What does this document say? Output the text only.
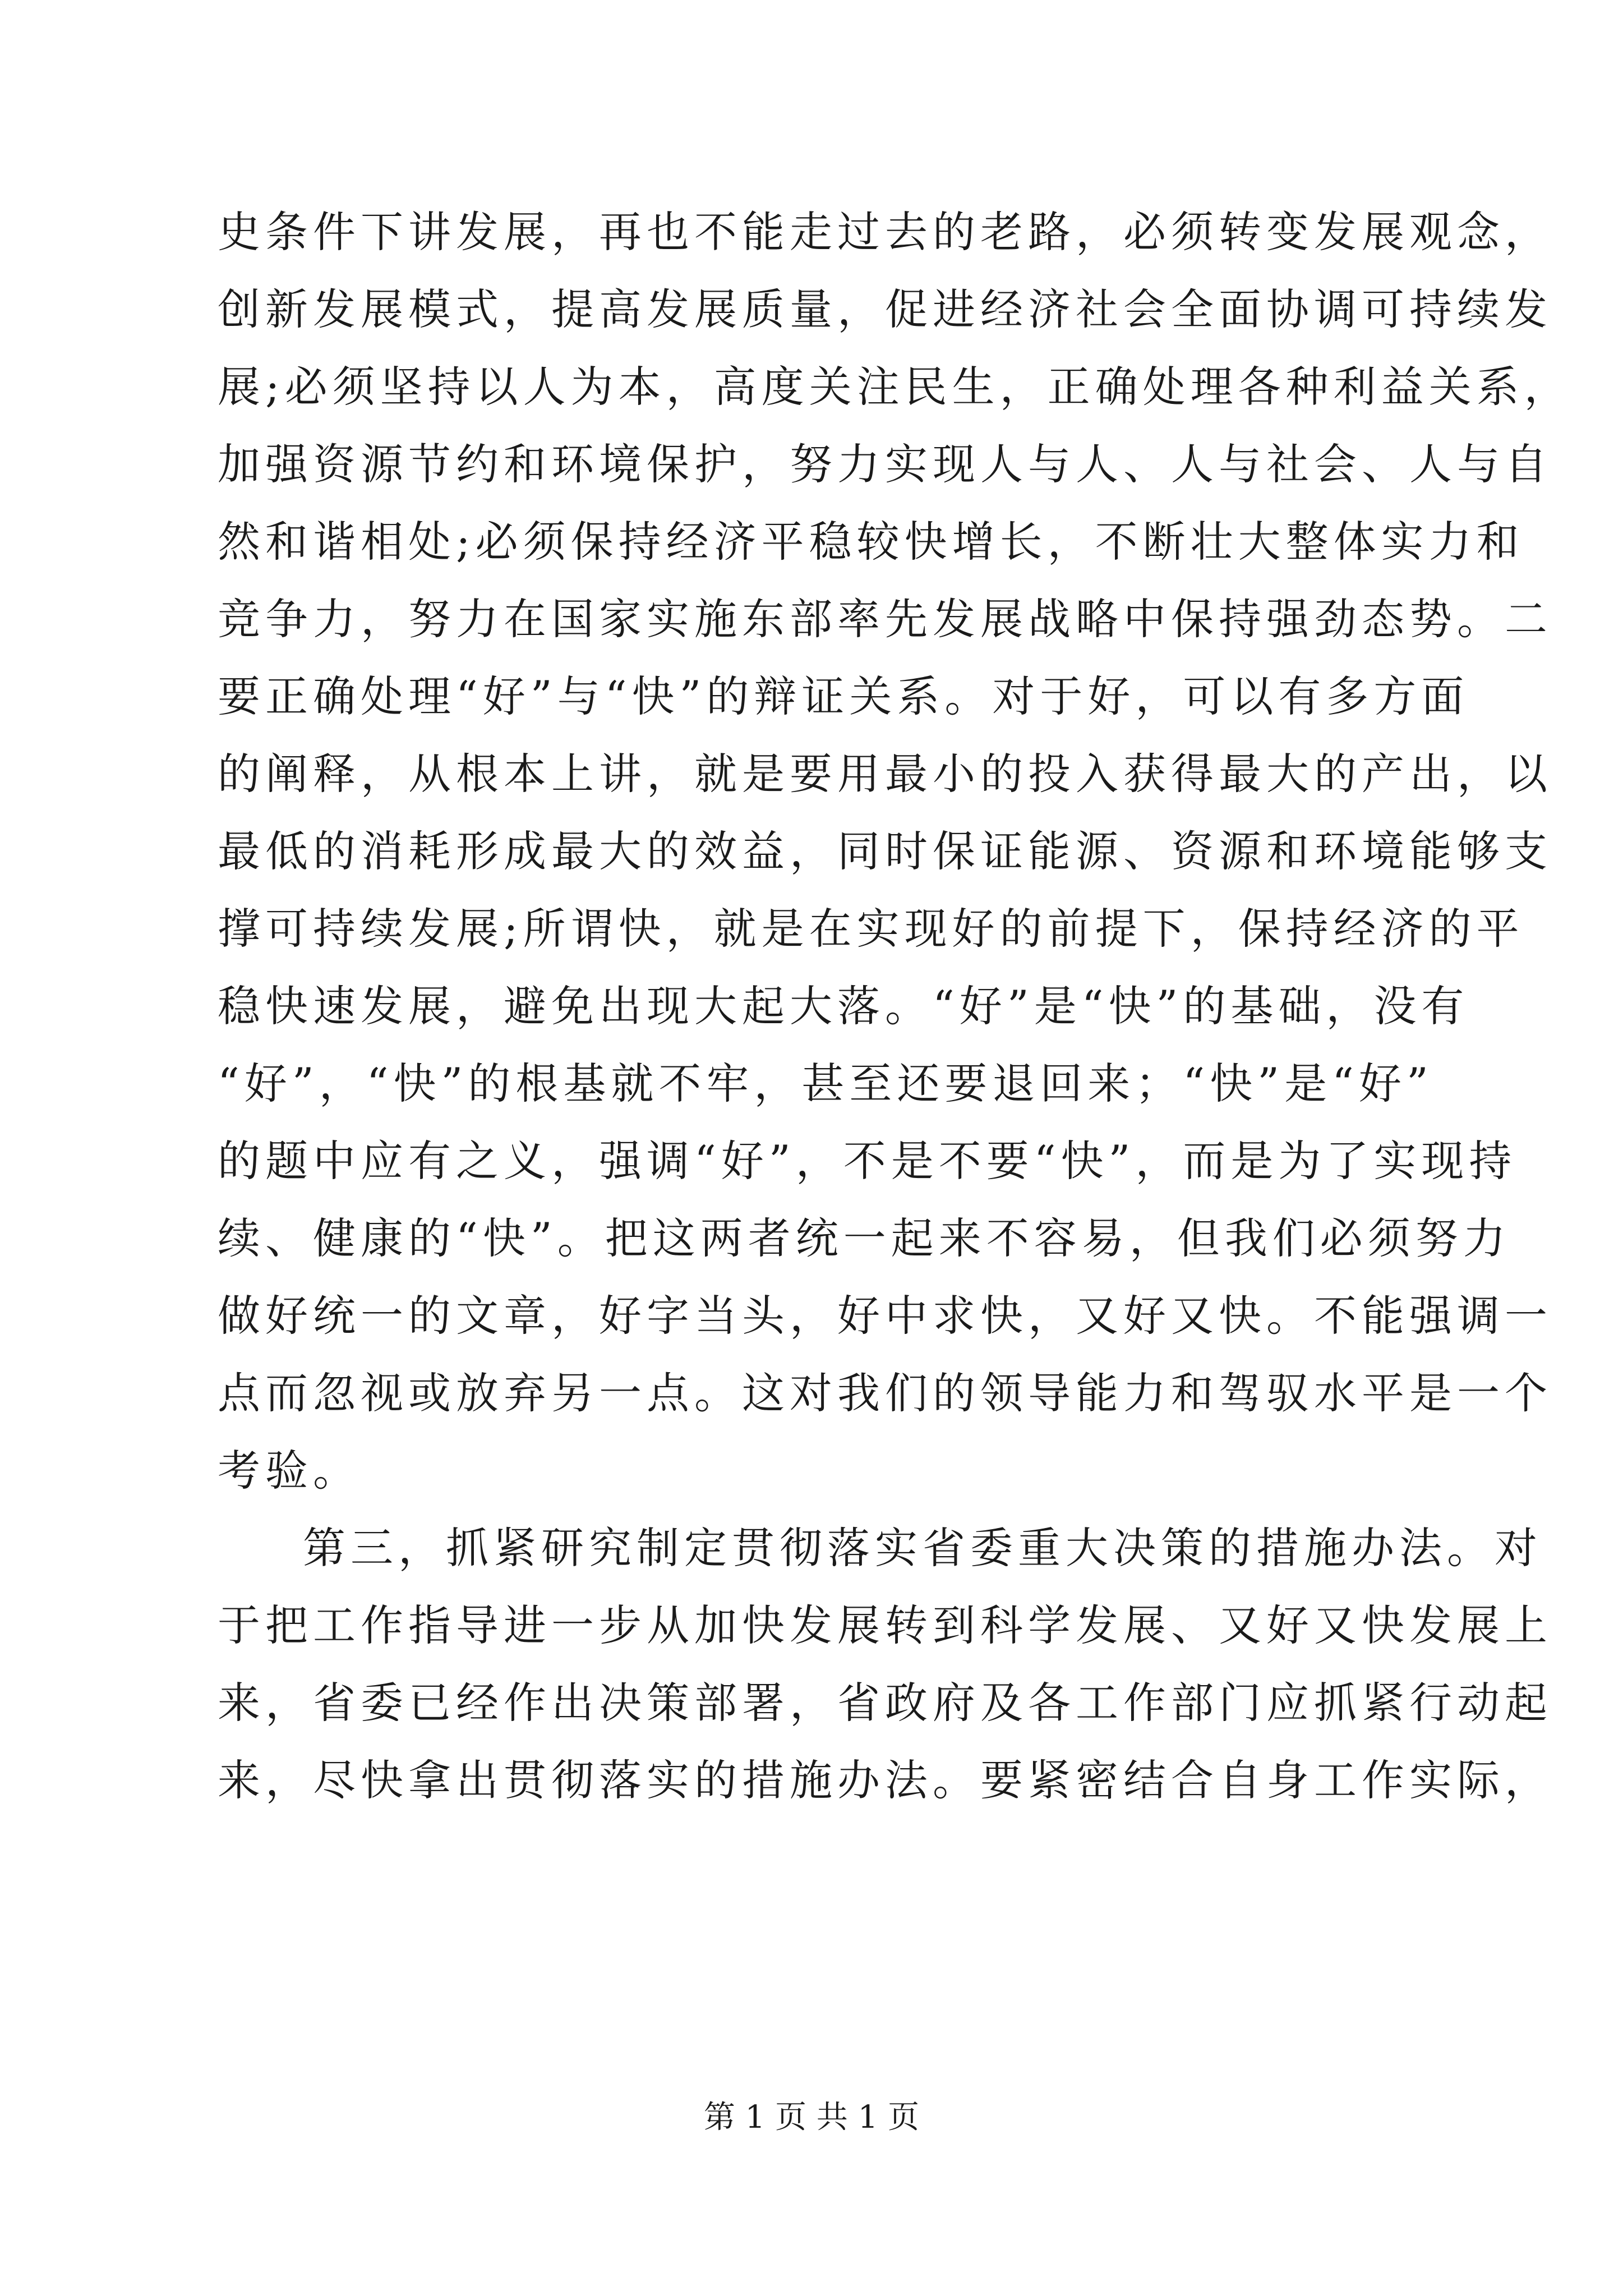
史条件下讲发展，再也不能走过去的老路，必须转变发展观念，
创新发展模式，提高发展质量，促进经济社会全面协调可持续发
展;必须坚持以人为本，高度关注民生，正确处理各种利益关系，
加强资源节约和环境保护，努力实现人与人、人与社会、人与自
然和谐相处;必须保持经济平稳较快增长，不断壮大整体实力和
竞争力，努力在国家实施东部率先发展战略中保持强劲态势。二
要正确处理“好”与“快”的辩证关系。对于好，可以有多方面
的阐释，从根本上讲，就是要用最小的投入获得最大的产出，以
最低的消耗形成最大的效益，同时保证能源、资源和环境能够支
撑可持续发展;所谓快，就是在实现好的前提下，保持经济的平
稳快速发展，避免出现大起大落。“好”是“快”的基础，没有
“好”，“快”的根基就不牢，甚至还要退回来；“快”是“好”
的题中应有之义，强调“好”，不是不要“快”，而是为了实现持
续、健康的“快”。把这两者统一起来不容易，但我们必须努力
做好统一的文章，好字当头，好中求快，又好又快。不能强调一
点而忽视或放弃另一点。这对我们的领导能力和驾驭水平是一个
考验。
第三，抓紧研究制定贯彻落实省委重大决策的措施办法。对
于把工作指导进一步从加快发展转到科学发展、又好又快发展上
来，省委已经作出决策部署，省政府及各工作部门应抓紧行动起
来，尽快拿出贯彻落实的措施办法。要紧密结合自身工作实际，
第 1 页 共 1 页
